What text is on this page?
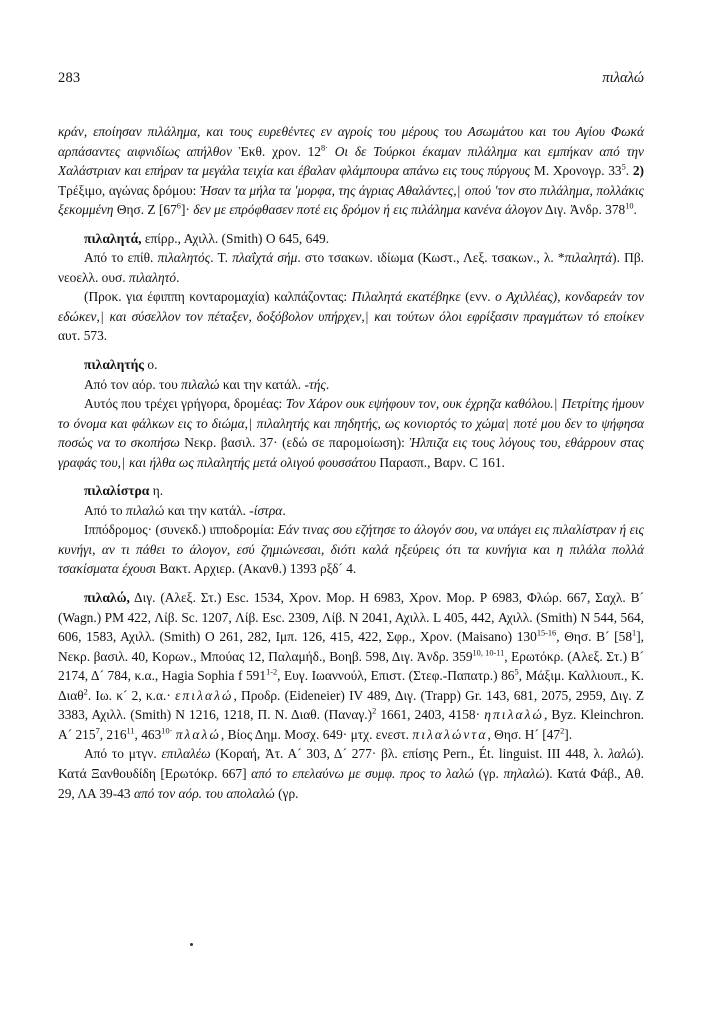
283	πιλαλώ

κράν, εποίησαν πιλάλημα, και τους ευρεθέντες εν αγροίς του μέρους του Ασωμάτου και του Αγίου Φωκά αρπάσαντες αιφνιδίως απήλθον Ἐκθ. χρον. $12^{8\cdot}$ Οι δε Τούρκοι έκαμαν πιλάλημα και εμπήκαν από την Χαλάστριαν και επήραν τα μεγάλα τειχία και έβαλαν φλάμπουρα απάνω εις τους πύργους Μ. Χρονογρ. $33^5$. 2) Τρέξιμο, αγώνας δρόμου: Ἠσαν τα μήλα τα ʹμορφα, της άγριας Αθαλάντες,| οπού ʹτον στο πιλάλημα, πολλάκις ξεκομμένη Θησ. Ζ $[67^6]\cdot \delta\varepsilon\nu$ με επρόφθασεν ποτέ εις δρόμον ή εις πιλάλημα κανένα άλογον Διγ. Ἀνδρ. $378^{10}$.

πιλαλητά, επίρρ., Αχιλλ. (Smith) Ο 645, 649.

Από το επίθ. πιλαλητός. Τ. πλαΐχτά σήμ. στο τσακων. ιδίωμα (Κωστ., Λεξ. τσακων., λ. *πιλαλητά). Πβ. νεοελλ. ουσ. πιλαλητό.

(Προκ. για έφιππη κονταρομαχία) καλπάζοντας: Πιλαλητά εκατέβηκε (ενν. ο Αχιλλέας), κονδαρεάν τον εδώκεν,| και σύσελλον τον πέταξεν, δοξόβολον υπήρχεν,| και τούτων όλοι εφρίξασιν πραγμάτων τό εποίκεν αυτ. 573.

πιλαλητής ο.

Από τον αόρ. του πιλαλώ και την κατάλ. -τής.

Αυτός που τρέχει γρήγορα, δρομέας: Τον Χάρον ουκ εψήφουν τον, ουκ έχρηζα καθόλου.| Πετρίτης ήμουν το όνομα και φάλκων εις το διώμα,| πιλαλητής και πηδητής, ως κονιορτός το χώμα| ποτέ μου δεν το ψήφησα ποσώς να το σκοπήσω Νεκρ. βασιλ. 37· (εδώ σε παρομοίωση): Ἠλπιζα εις τους λόγους του, εθάρρουν στας γραφάς του,| και ήλθα ως πιλαλητής μετά ολιγού φουσσάτου Παρασπ., Βαρν. C 161.

πιλαλίστρα η.

Από το πιλαλώ και την κατάλ. -ίστρα.

Ιππόδρομος· (συνεκδ.) ιπποδρομία: Εάν τινας σου εζήτησε το άλογόν σου, να υπάγει εις πιλαλίστραν ή εις κυνήγι, αν τι πάθει το άλογον, εσύ ζημιώνεσαι, διότι καλά ηξεύρεις ότι τα κυνήγια και η πιλάλα πολλά τσακίσματα έχουσι Βακτ. Αρχιερ. (Ακανθ.) 1393 ρξδ´ 4.

πιλαλώ, Διγ. (Αλεξ. Στ.) Esc. 1534, Χρον. Μορ. Η 6983, Χρον. Μορ. Ρ 6983, Φλώρ. 667, Σαχλ. Β´ (Wagn.) PM 422, Λίβ. Sc. 1207, Λίβ. Esc. 2309, Λίβ. Ν 2041, Αχιλλ. L 405, 442, Αχιλλ. (Smith) Ν 544, 564, 606, 1583, Αχιλλ. (Smith) Ο 261, 282, Ιμπ. 126, 415, 422, Σφρ., Χρον. (Maisano) 130$^{15-16}$, Θησ. Β´ $[58^1]$, Νεκρ. βασιλ. 40, Κορων., Μπούας 12, Παλαμήδ., Βοηβ. 598, Διγ. Ἀνδρ. 359$^{10, 10-11}$, Ερωτόκρ. (Αλεξ. Στ.) Β´ 2174, Δ´ 784, κ.α., Hagia Sophia f 591$^{1-2}$, Ευγ. Ιωαννούλ, Επιστ. (Στεφ.-Παπατρ.) $86^5$, Μάξιμ. Καλλιουπ., Κ. Διαθ$^2$. Ιω. κ´ 2, κ.α.· επιλαλώ, Προδρ. (Eideneier) IV 489, Διγ. (Trapp) Gr. 143, 681, 2075, 2959, Διγ. Ζ 3383, Αχιλλ. (Smith) Ν 1216, 1218, Π. Ν. Διαθ. $(\Pi\alpha\nu\alpha\gamma.)^2$ 1661, 2403, 4158· ηπιλαλώ, Byz. Kleinchron. Α´ $215^7$, $216^{11}$, $463^{10\cdot}$ πλαλώ, Βίος Δημ. Μοσχ. 649· μτχ. ενεστ. πιλαλώντα, Θησ. Η´ $[47^2]$.

Από το μτγν. επιλαλέω (Κοραή, Ἀτ. Α´ 303, Δ´ 277· βλ. επίσης Pern., Ét. linguist. III 448, λ. λαλώ). Κατά Ξανθουδίδη [Ερωτόκρ. 667] από το επελαύνω με συμφ. προς το λαλώ (γρ. πηλαλώ). Κατά Φάβ., Αθ. 29, ΛΑ 39-43 από τον αόρ. του απολαλώ (γρ.
